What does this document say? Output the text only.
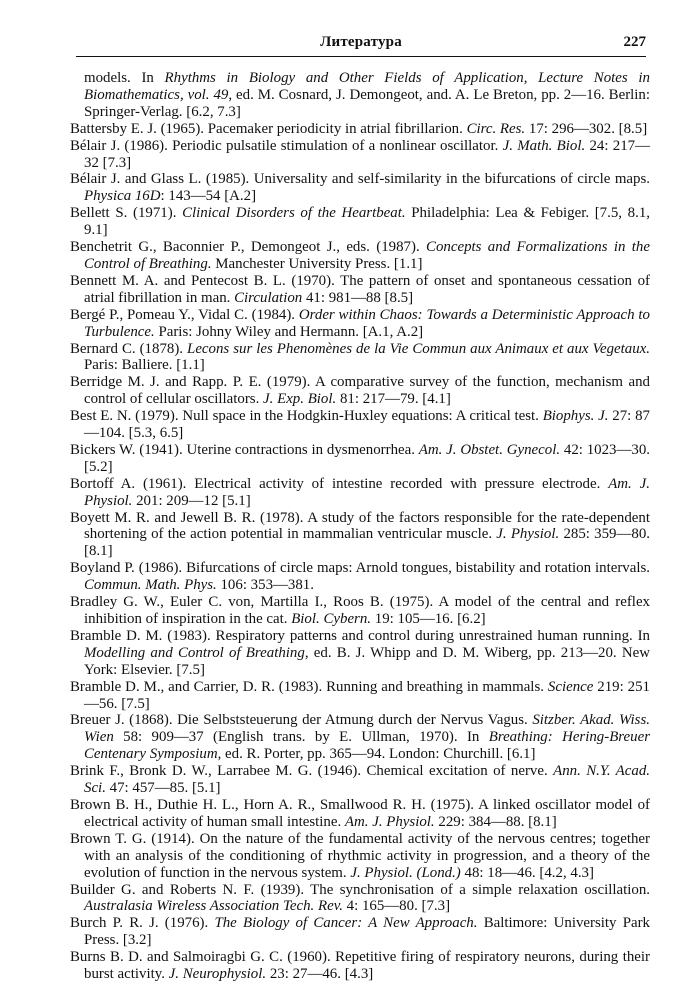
Литература	227

models. In Rhythms in Biology and Other Fields of Application, Lecture Notes in Biomathematics, vol. 49, ed. M. Cosnard, J. Demongeot, and. A. Le Breton, pp. 2—16. Berlin: Springer-Verlag. [6.2, 7.3]

Battersby E. J. (1965). Pacemaker periodicity in atrial fibrillarion. Circ. Res. 17: 296—302. [8.5]

Bélair J. (1986). Periodic pulsatile stimulation of a nonlinear oscillator. J. Math. Biol. 24: 217—32 [7.3]

Bélair J. and Glass L. (1985). Universality and self-similarity in the bifurcations of circle maps. Physica 16D: 143—54 [A.2]

Bellett S. (1971). Clinical Disorders of the Heartbeat. Philadelphia: Lea & Febiger. [7.5, 8.1, 9.1]

Benchetrit G., Baconnier P., Demongeot J., eds. (1987). Concepts and Formalizations in the Control of Breathing. Manchester University Press. [1.1]

Bennett M. A. and Pentecost B. L. (1970). The pattern of onset and spontaneous cessation of atrial fibrillation in man. Circulation 41: 981—88 [8.5]

Bergé P., Pomeau Y., Vidal C. (1984). Order within Chaos: Towards a Deterministic Approach to Turbulence. Paris: Johny Wiley and Hermann. [A.1, A.2]

Bernard C. (1878). Lecons sur les Phenomènes de la Vie Commun aux Animaux et aux Vegetaux. Paris: Balliere. [1.1]

Berridge M. J. and Rapp. P. E. (1979). A comparative survey of the function, mechanism and control of cellular oscillators. J. Exp. Biol. 81: 217—79. [4.1]

Best E. N. (1979). Null space in the Hodgkin-Huxley equations: A critical test. Biophys. J. 27: 87—104. [5.3, 6.5]

Bickers W. (1941). Uterine contractions in dysmenorrhea. Am. J. Obstet. Gynecol. 42: 1023—30. [5.2]

Bortoff A. (1961). Electrical activity of intestine recorded with pressure electrode. Am. J. Physiol. 201: 209—12 [5.1]

Boyett M. R. and Jewell B. R. (1978). A study of the factors responsible for the rate-dependent shortening of the action potential in mammalian ventricular muscle. J. Physiol. 285: 359—80. [8.1]

Boyland P. (1986). Bifurcations of circle maps: Arnold tongues, bistability and rotation intervals. Commun. Math. Phys. 106: 353—381.

Bradley G. W., Euler C. von, Martilla I., Roos B. (1975). A model of the central and reflex inhibition of inspiration in the cat. Biol. Cybern. 19: 105—16. [6.2]

Bramble D. M. (1983). Respiratory patterns and control during unrestrained human running. In Modelling and Control of Breathing, ed. B. J. Whipp and D. M. Wiberg, pp. 213—20. New York: Elsevier. [7.5]

Bramble D. M., and Carrier, D. R. (1983). Running and breathing in mammals. Science 219: 251—56. [7.5]

Breuer J. (1868). Die Selbststeuerung der Atmung durch der Nervus Vagus. Sitzber. Akad. Wiss. Wien 58: 909—37 (English trans. by E. Ullman, 1970). In Breathing: Hering-Breuer Centenary Symposium, ed. R. Porter, pp. 365—94. London: Churchill. [6.1]

Brink F., Bronk D. W., Larrabee M. G. (1946). Chemical excitation of nerve. Ann. N.Y. Acad. Sci. 47: 457—85. [5.1]

Brown B. H., Duthie H. L., Horn A. R., Smallwood R. H. (1975). A linked oscillator model of electrical activity of human small intestine. Am. J. Physiol. 229: 384—88. [8.1]

Brown T. G. (1914). On the nature of the fundamental activity of the nervous centres; together with an analysis of the conditioning of rhythmic activity in progression, and a theory of the evolution of function in the nervous system. J. Physiol. (Lond.) 48: 18—46. [4.2, 4.3]

Builder G. and Roberts N. F. (1939). The synchronisation of a simple relaxation oscillation. Australasia Wireless Association Tech. Rev. 4: 165—80. [7.3]

Burch P. R. J. (1976). The Biology of Cancer: A New Approach. Baltimore: University Park Press. [3.2]

Burns B. D. and Salmoiragbi G. C. (1960). Repetitive firing of respiratory neurons, during their burst activity. J. Neurophysiol. 23: 27—46. [4.3]
